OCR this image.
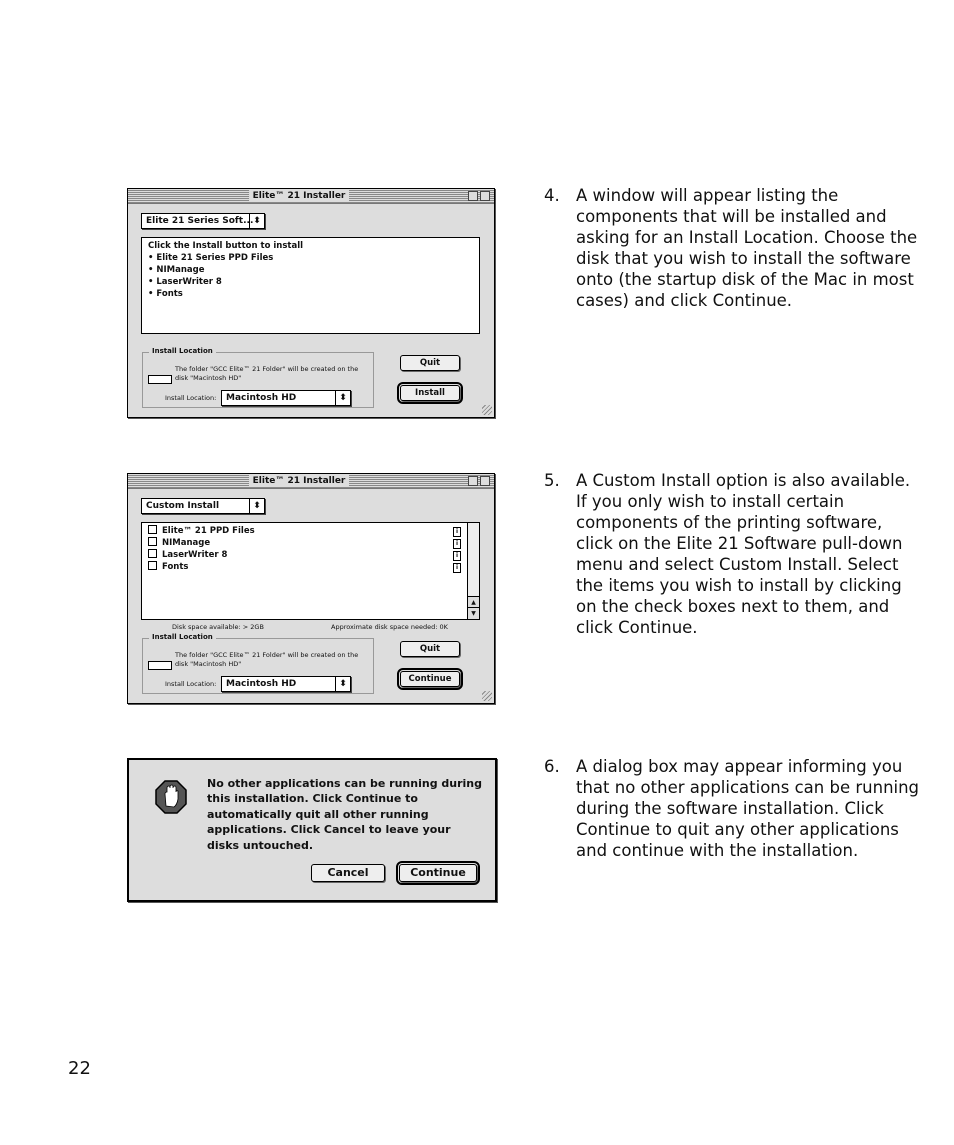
Elite™ 21 Installer
Elite 21 Series Soft... ⬍
Click the Install button to install
• Elite 21 Series PPD Files
• NIManage
• LaserWriter 8
• Fonts
Install Location
The folder "GCC Elite™ 21 Folder" will be created on the
disk "Macintosh HD"
Install Location:	Macintosh HD	⬍
Quit
Install
Elite™ 21 Installer
Custom Install	⬍
Elite™ 21 PPD Files	i
NIManage	i
LaserWriter 8	i
Fonts	i
▲
▼
Disk space available: > 2GB	Approximate disk space needed: 0K
Install Location
The folder "GCC Elite™ 21 Folder" will be created on the
disk "Macintosh HD"
Install Location:	Macintosh HD	⬍
Quit
Continue
No other applications can be running during this installation. Click Continue to automatically quit all other running applications. Click Cancel to leave your disks untouched.
Cancel	Continue
4. A window will appear listing the components that will be installed and asking for an Install Location. Choose the disk that you wish to install the software onto (the startup disk of the Mac in most cases) and click Continue.
5. A Custom Install option is also available. If you only wish to install certain components of the printing software, click on the Elite 21 Software pull-down menu and select Custom Install. Select the items you wish to install by clicking on the check boxes next to them, and click Continue.
6. A dialog box may appear informing you that no other applications can be running during the software installation. Click Continue to quit any other applications and continue with the installation.
22
